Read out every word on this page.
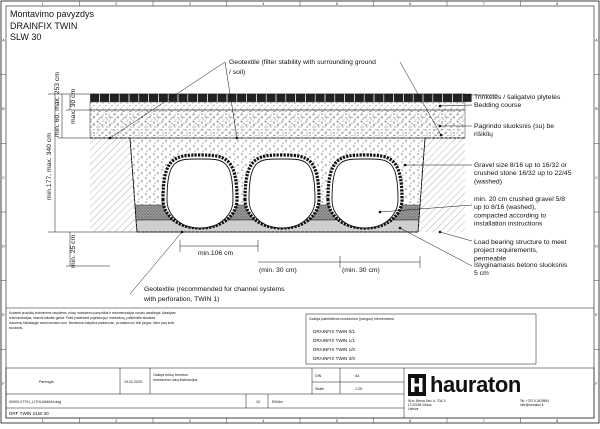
1
1
2
2
3
3
4
4
5
5
6
6
7
7
8
8
A	A
B	B
C	C
D	D
E	E
F	F
Montavimo pavyzdys
DRAINFIX TWIN
SLW 30
min.177, max. 340 cm
min. 60, max. 253 cm max. 30 cm
min. 25 cm	min.106 cm
(min. 30 cm)	(min. 30 cm)
Geotextile (filter stability with surrounding ground
/ soil)
Trinkelės / šaligatvio plytelės
Bedding course
Pagrindo sluoksnis (su) be
rišiklių
Gravel size 8/16 up to 16/32 or
crushed stone 16/32 up to 22/45
(washed)
min. 20 cm crushed gravel 5/8
up to 8/16 (washed),
compacted according to
installation instructions
Load bearing structure to meet
project requirements,
permeable
Išlyginamasis betono sluoksnis
5 cm
Geotextile (recommended for channel systems
with perforation, TWIN 1)
Kuriantė produktų techninėms savybėms, mūsų montavimo pavyzdžiai ir rekomendacijos nurodo atsakingai. Atsakytas
rekomendacijas, nesenti laikaiše galiva. Prieš pradedami projektuoją ir montavimą, patikrinkite aktualias
duomenų tinklalapyje www.hauraton.com. Montavimo taisyklos pastaruose, po tatalus turi būti jungos: hidro josų kelio
sluoksnis.
Galioja pateiktiems montavimo (įrangos) elementams:
DRAINFIX TWIN 0/1
DRAINFIX TWIN 1/1
DRAINFIX TWIN 1/0
DRAINFIX TWIN 0/0
Parengta	19.02.2025
Galioja mūsų bendros
montavimo rokų instrukcijos
DIN	A4
Skalė	1:25
00000-07701_LITHUANIAN.dwg	10	EN/lim
DRF TWIN SLW 30
hauraton
W.m. Berna-Sen. A. 70A-3
LT-02188 Vilnius
Lietuva
Tel: +370 5 2629594
info@hauraton.lt
